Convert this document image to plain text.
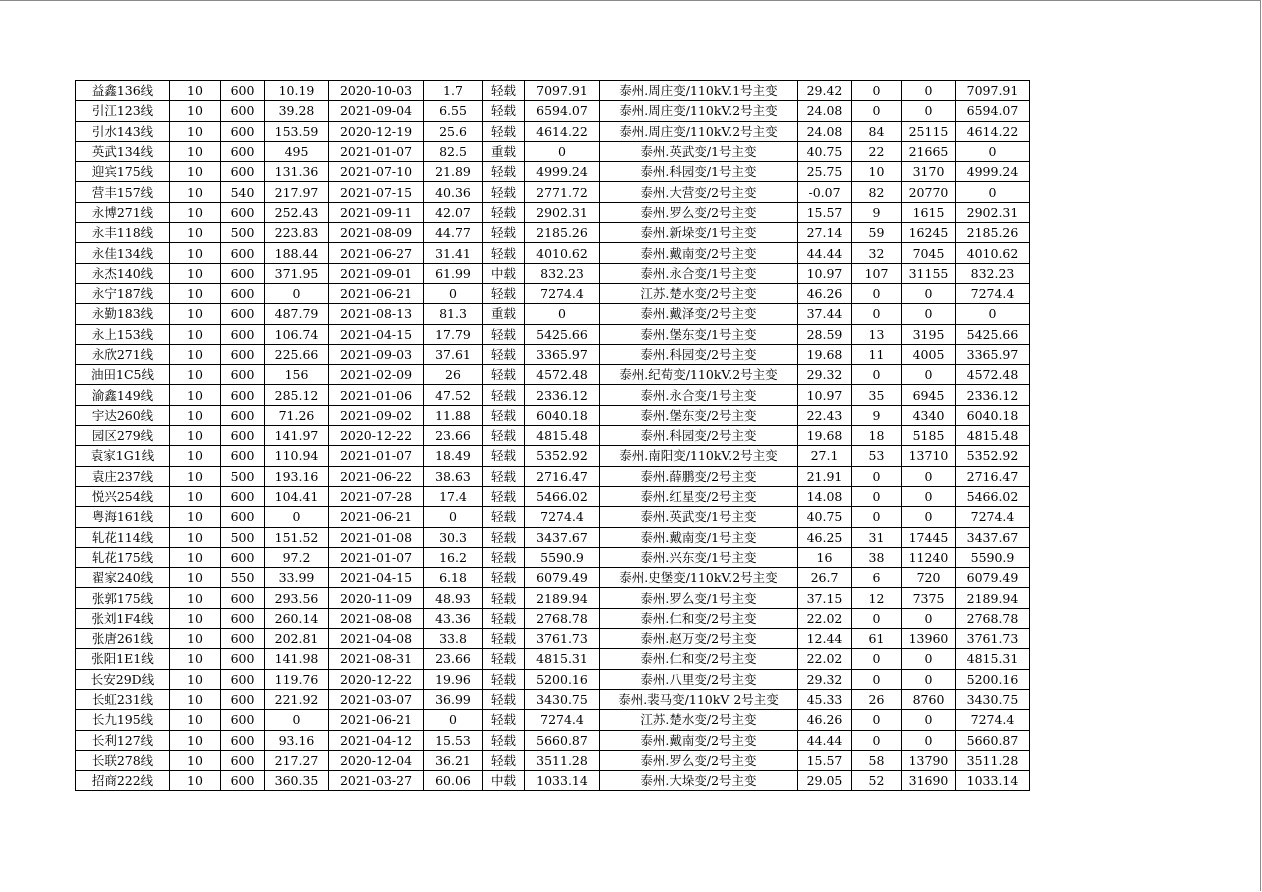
益鑫136线	10	600	10.19	2020-10-03	1.7	轻载	7097.91	泰州.周庄变/110kV.1号主变	29.42	0	0	7097.91
引江123线	10	600	39.28	2021-09-04	6.55	轻载	6594.07	泰州.周庄变/110kV.2号主变	24.08	0	0	6594.07
引水143线	10	600	153.59	2020-12-19	25.6	轻载	4614.22	泰州.周庄变/110kV.2号主变	24.08	84	25115	4614.22
英武134线	10	600	495	2021-01-07	82.5	重载	0	泰州.英武变/1号主变	40.75	22	21665	0
迎宾175线	10	600	131.36	2021-07-10	21.89	轻载	4999.24	泰州.科园变/1号主变	25.75	10	3170	4999.24
营丰157线	10	540	217.97	2021-07-15	40.36	轻载	2771.72	泰州.大营变/2号主变	-0.07	82	20770	0
永博271线	10	600	252.43	2021-09-11	42.07	轻载	2902.31	泰州.罗么变/2号主变	15.57	9	1615	2902.31
永丰118线	10	500	223.83	2021-08-09	44.77	轻载	2185.26	泰州.新垛变/1号主变	27.14	59	16245	2185.26
永佳134线	10	600	188.44	2021-06-27	31.41	轻载	4010.62	泰州.戴南变/2号主变	44.44	32	7045	4010.62
永杰140线	10	600	371.95	2021-09-01	61.99	中载	832.23	泰州.永合变/1号主变	10.97	107	31155	832.23
永宁187线	10	600	0	2021-06-21	0	轻载	7274.4	江苏.楚水变/2号主变	46.26	0	0	7274.4
永勤183线	10	600	487.79	2021-08-13	81.3	重载	0	泰州.戴泽变/2号主变	37.44	0	0	0
永上153线	10	600	106.74	2021-04-15	17.79	轻载	5425.66	泰州.堡东变/1号主变	28.59	13	3195	5425.66
永欣271线	10	600	225.66	2021-09-03	37.61	轻载	3365.97	泰州.科园变/2号主变	19.68	11	4005	3365.97
油田1C5线	10	600	156	2021-02-09	26	轻载	4572.48	泰州.纪荀变/110kV.2号主变	29.32	0	0	4572.48
渝鑫149线	10	600	285.12	2021-01-06	47.52	轻载	2336.12	泰州.永合变/1号主变	10.97	35	6945	2336.12
宇达260线	10	600	71.26	2021-09-02	11.88	轻载	6040.18	泰州.堡东变/2号主变	22.43	9	4340	6040.18
园区279线	10	600	141.97	2020-12-22	23.66	轻载	4815.48	泰州.科园变/2号主变	19.68	18	5185	4815.48
袁家1G1线	10	600	110.94	2021-01-07	18.49	轻载	5352.92	泰州.南阳变/110kV.2号主变	27.1	53	13710	5352.92
袁庄237线	10	500	193.16	2021-06-22	38.63	轻载	2716.47	泰州.薛鹏变/2号主变	21.91	0	0	2716.47
悦兴254线	10	600	104.41	2021-07-28	17.4	轻载	5466.02	泰州.红星变/2号主变	14.08	0	0	5466.02
粤海161线	10	600	0	2021-06-21	0	轻载	7274.4	泰州.英武变/1号主变	40.75	0	0	7274.4
轧花114线	10	500	151.52	2021-01-08	30.3	轻载	3437.67	泰州.戴南变/1号主变	46.25	31	17445	3437.67
轧花175线	10	600	97.2	2021-01-07	16.2	轻载	5590.9	泰州.兴东变/1号主变	16	38	11240	5590.9
翟家240线	10	550	33.99	2021-04-15	6.18	轻载	6079.49	泰州.史堡变/110kV.2号主变	26.7	6	720	6079.49
张郭175线	10	600	293.56	2020-11-09	48.93	轻载	2189.94	泰州.罗么变/1号主变	37.15	12	7375	2189.94
张刘1F4线	10	600	260.14	2021-08-08	43.36	轻载	2768.78	泰州.仁和变/2号主变	22.02	0	0	2768.78
张唐261线	10	600	202.81	2021-04-08	33.8	轻载	3761.73	泰州.赵万变/2号主变	12.44	61	13960	3761.73
张阳1E1线	10	600	141.98	2021-08-31	23.66	轻载	4815.31	泰州.仁和变/2号主变	22.02	0	0	4815.31
长安29D线	10	600	119.76	2020-12-22	19.96	轻载	5200.16	泰州.八里变/2号主变	29.32	0	0	5200.16
长虹231线	10	600	221.92	2021-03-07	36.99	轻载	3430.75	泰州.裴马变/110kV 2号主变	45.33	26	8760	3430.75
长九195线	10	600	0	2021-06-21	0	轻载	7274.4	江苏.楚水变/2号主变	46.26	0	0	7274.4
长利127线	10	600	93.16	2021-04-12	15.53	轻载	5660.87	泰州.戴南变/2号主变	44.44	0	0	5660.87
长联278线	10	600	217.27	2020-12-04	36.21	轻载	3511.28	泰州.罗么变/2号主变	15.57	58	13790	3511.28
招商222线	10	600	360.35	2021-03-27	60.06	中载	1033.14	泰州.大垛变/2号主变	29.05	52	31690	1033.14
